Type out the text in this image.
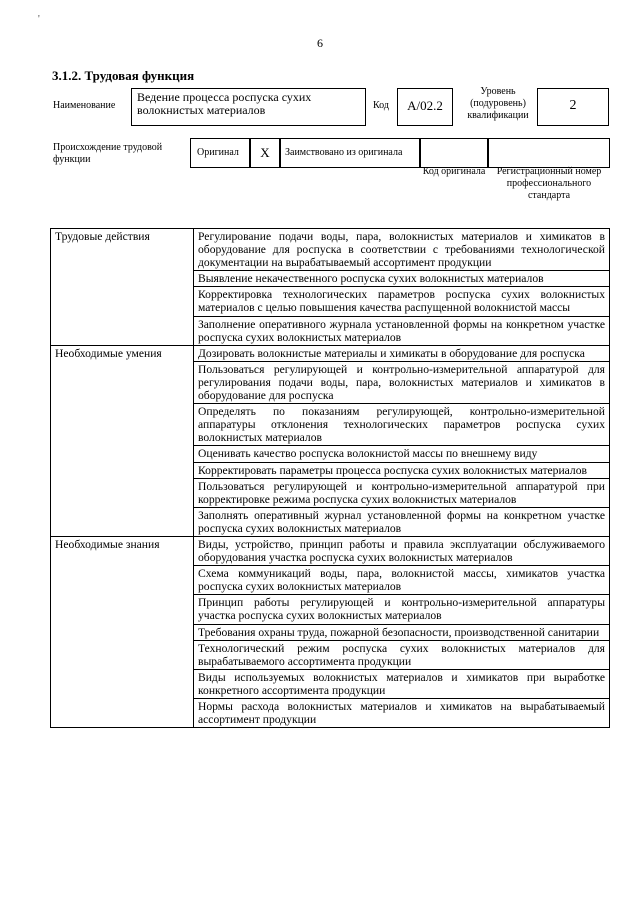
'
6
3.1.2. Трудовая функция
Наименование
Ведение процесса роспуска сухих волокнистых материалов	Код	А/02.2
Уровень (подуровень) квалификации
2
Происхождение трудовой функции
Оригинал X Заимствовано из оригинала
Код оригинала	Регистрационный номер профессионального стандарта
Трудовые действия	Регулирование подачи воды, пара, волокнистых материалов и химикатов в оборудование для роспуска в соответствии с требованиями технологической документации на вырабатываемый ассортимент продукции
	Выявление некачественного роспуска сухих волокнистых материалов
	Корректировка технологических параметров роспуска сухих волокнистых материалов с целью повышения качества распущенной волокнистой массы
	Заполнение оперативного журнала установленной формы на конкретном участке роспуска сухих волокнистых материалов
Необходимые умения	Дозировать волокнистые материалы и химикаты в оборудование для роспуска
	Пользоваться регулирующей и контрольно-измерительной аппаратурой для регулирования подачи воды, пара, волокнистых материалов и химикатов в оборудование для роспуска
	Определять по показаниям регулирующей, контрольно-измерительной аппаратуры отклонения технологических параметров роспуска сухих волокнистых материалов
	Оценивать качество роспуска волокнистой массы по внешнему виду
	Корректировать параметры процесса роспуска сухих волокнистых материалов
	Пользоваться регулирующей и контрольно-измерительной аппаратурой при корректировке режима роспуска сухих волокнистых материалов
	Заполнять оперативный журнал установленной формы на конкретном участке роспуска сухих волокнистых материалов
Необходимые знания	Виды, устройство, принцип работы и правила эксплуатации обслуживаемого оборудования участка роспуска сухих волокнистых материалов
	Схема коммуникаций воды, пара, волокнистой массы, химикатов участка роспуска сухих волокнистых материалов
	Принцип работы регулирующей и контрольно-измерительной аппаратуры участка роспуска сухих волокнистых материалов
	Требования охраны труда, пожарной безопасности, производственной санитарии
	Технологический режим роспуска сухих волокнистых материалов для вырабатываемого ассортимента продукции
	Виды используемых волокнистых материалов и химикатов при выработке конкретного ассортимента продукции
	Нормы расхода волокнистых материалов и химикатов на вырабатываемый ассортимент продукции
